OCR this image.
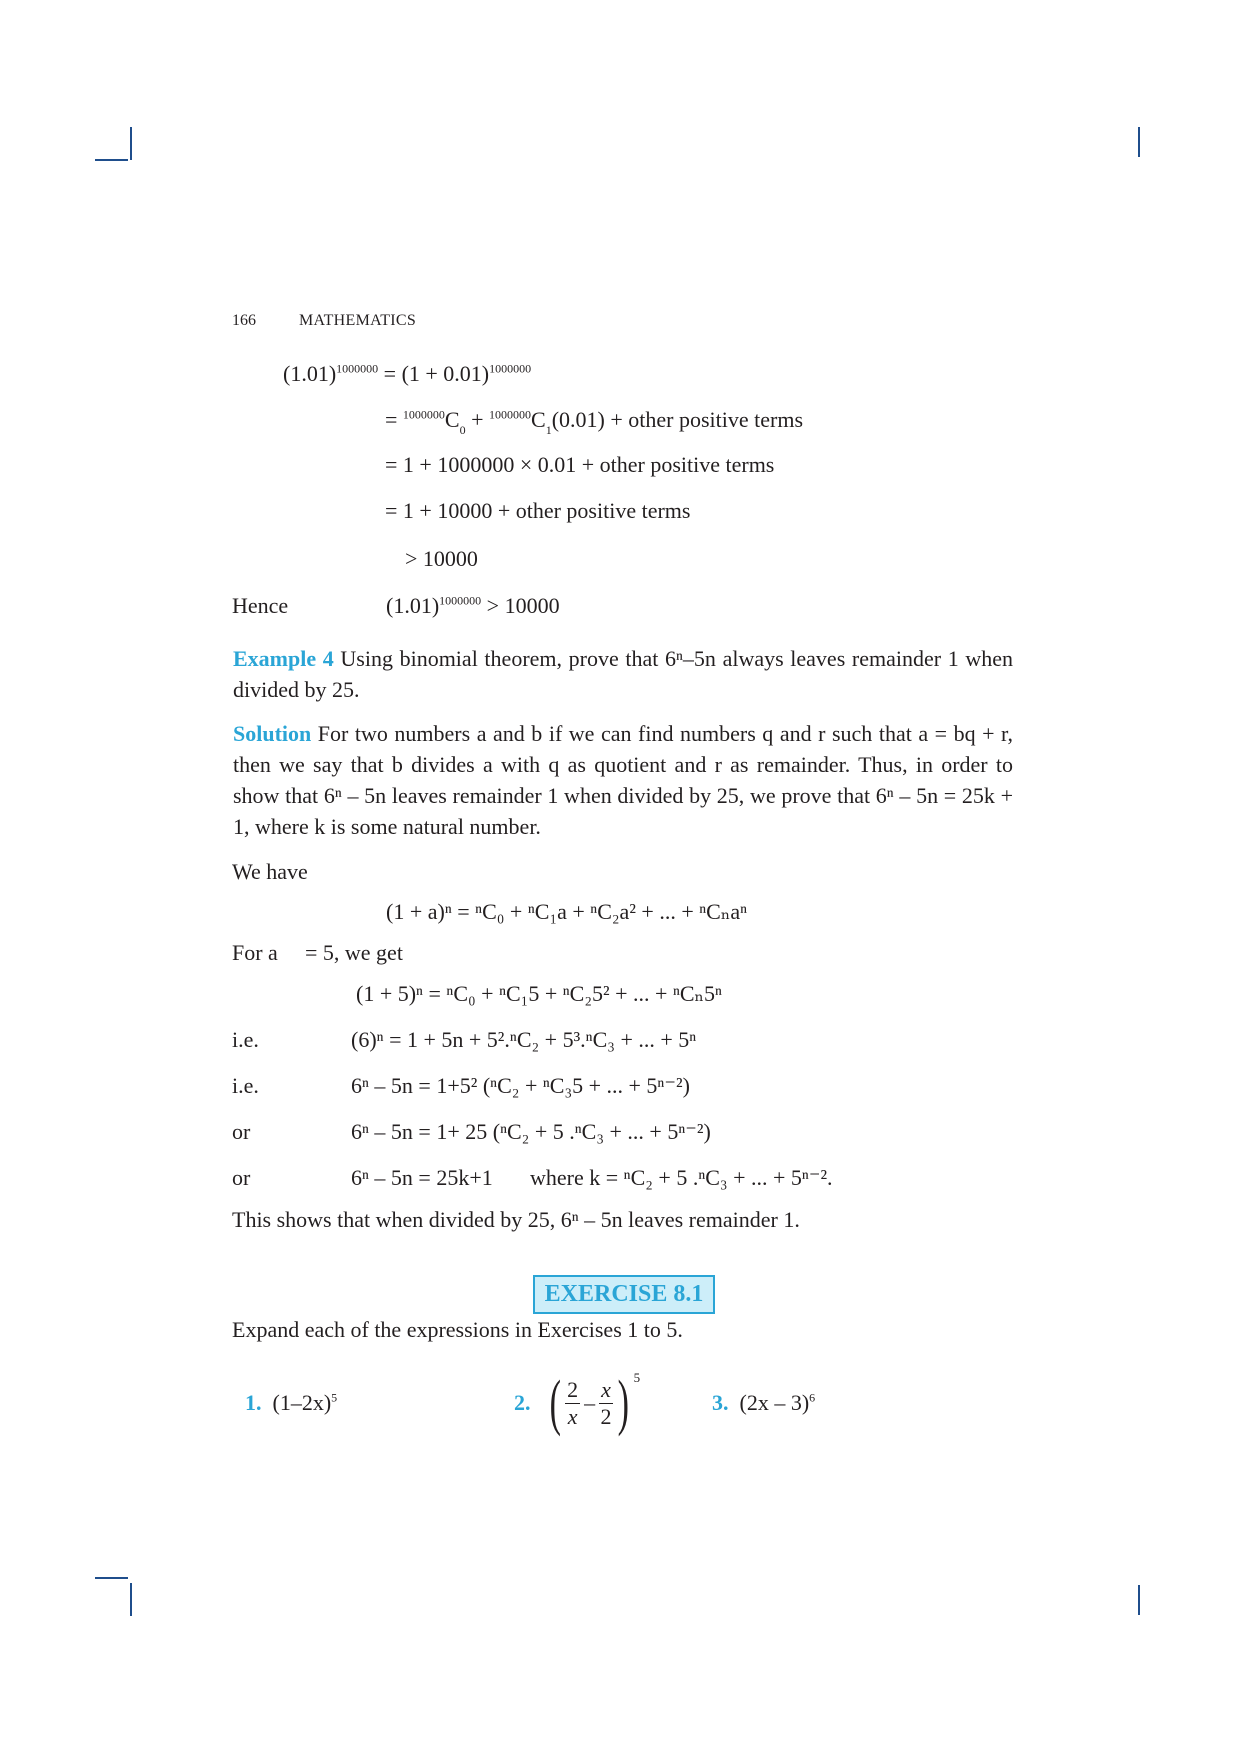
166	MATHEMATICS
$(1.01)^{1000000} = (1 + 0.01)^{1000000}$
= $^{1000000}C_0 + ^{1000000}C_1(0.01)$ + other positive terms
= 1 + 1000000 × 0.01 + other positive terms
= 1 + 10000 + other positive terms
> 10000
Hence	$(1.01)^{1000000} > 10000$
Example 4 Using binomial theorem, prove that 6ⁿ–5n always leaves remainder 1 when divided by 25.
Solution For two numbers a and b if we can find numbers q and r such that a = bq + r, then we say that b divides a with q as quotient and r as remainder. Thus, in order to show that 6ⁿ – 5n leaves remainder 1 when divided by 25, we prove that 6ⁿ – 5n = 25k + 1, where k is some natural number.
We have
(1 + a)ⁿ = ⁿC₀ + ⁿC₁a + ⁿC₂a² + ... + ⁿCₙaⁿ
For a = 5, we get
(1 + 5)ⁿ = ⁿC₀ + ⁿC₁5 + ⁿC₂5² + ... + ⁿCₙ5ⁿ
i.e.	(6)ⁿ = 1 + 5n + 5².ⁿC₂ + 5³.ⁿC₃ + ... + 5ⁿ
i.e.	6ⁿ – 5n = 1+5² (ⁿC₂ + ⁿC₃5 + ... + 5ⁿ⁻²)
or	6ⁿ – 5n = 1+ 25 (ⁿC₂ + 5 .ⁿC₃ + ... + 5ⁿ⁻²)
or	6ⁿ – 5n = 25k+1 where k = ⁿC₂ + 5 .ⁿC₃ + ... + 5ⁿ⁻².
This shows that when divided by 25, 6ⁿ – 5n leaves remainder 1.
EXERCISE 8.1
Expand each of the expressions in Exercises 1 to 5.
1. $(1-2x)^5$	2. ( $\frac{2}{x} - \frac{x}{2}$ ) 5
3. (2x – 3)$^6$
